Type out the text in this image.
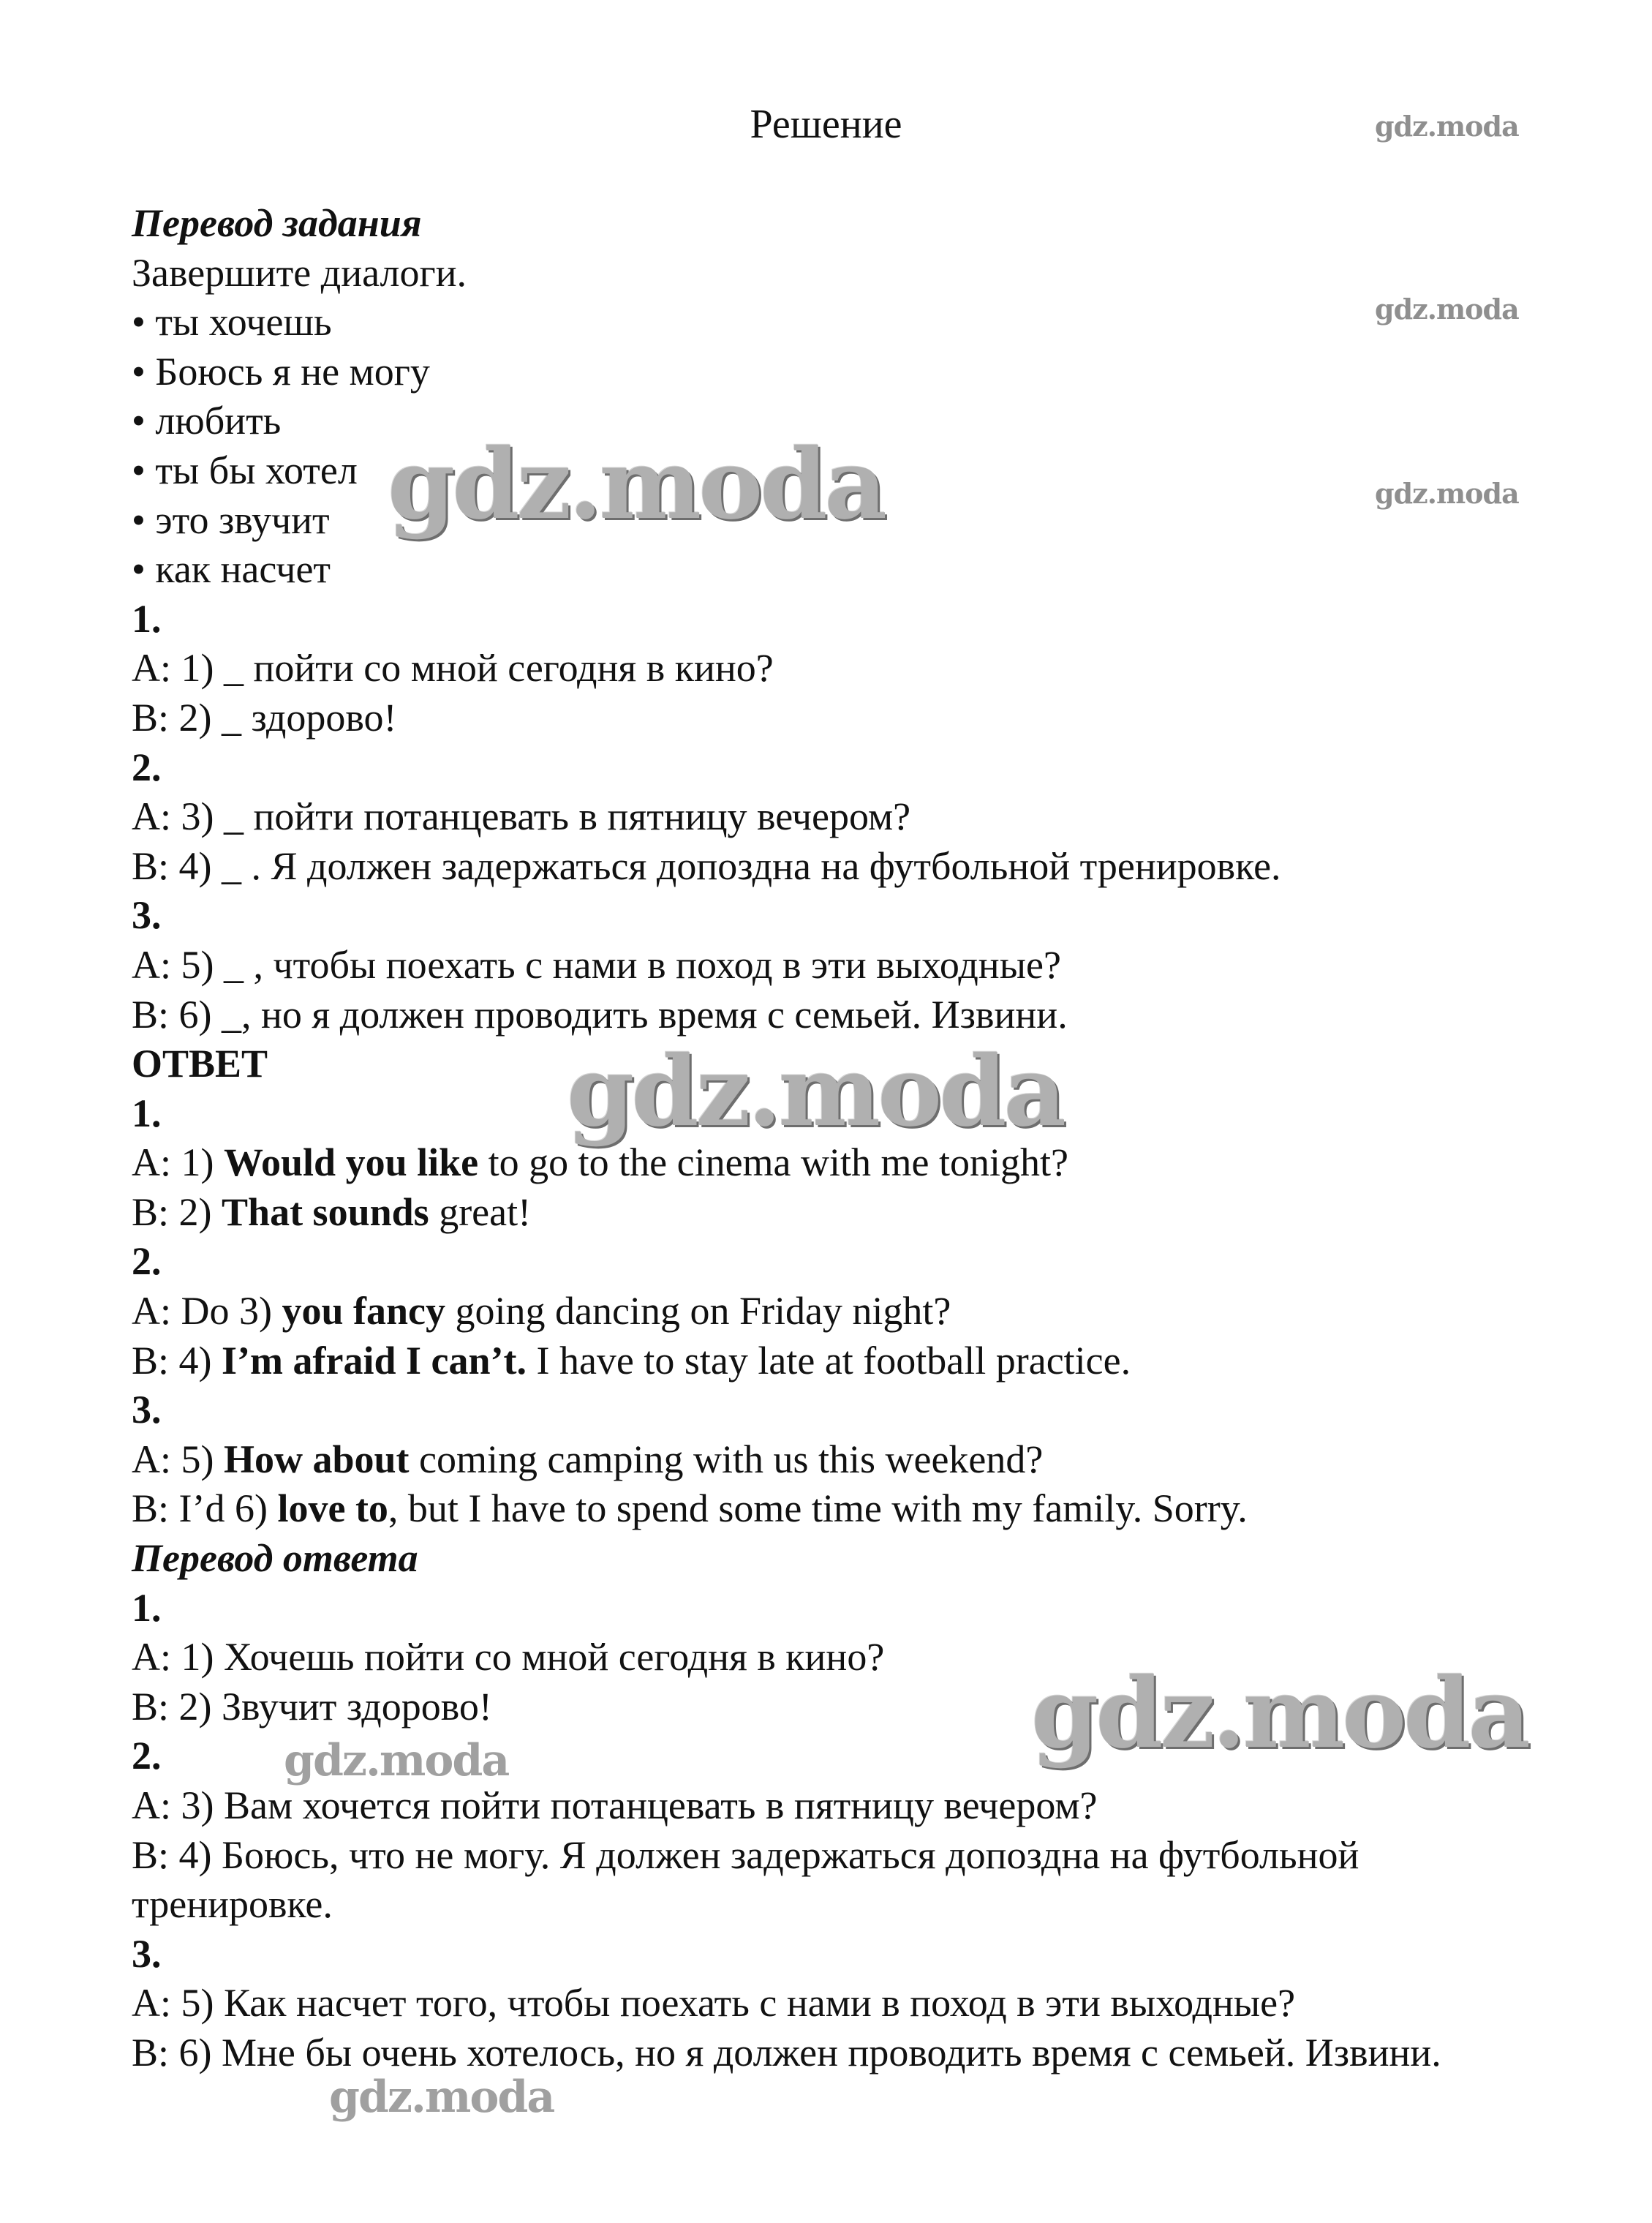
Решение
Перевод задания
Завершите диалоги.
• ты хочешь
• Боюсь я не могу
• любить
• ты бы хотел
• это звучит
• как насчет
1.
A: 1) _ пойти со мной сегодня в кино?
B: 2) _ здорово!
2.
A: 3) _ пойти потанцевать в пятницу вечером?
B: 4) _ . Я должен задержаться допоздна на футбольной тренировке.
3.
A: 5) _ , чтобы поехать с нами в поход в эти выходные?
B: 6) _, но я должен проводить время с семьей. Извини.
ОТВЕТ
1.
A: 1) Would you like to go to the cinema with me tonight?
B: 2) That sounds great!
2.
A: Do 3) you fancy going dancing on Friday night?
B: 4) I’m afraid I can’t. I have to stay late at football practice.
3.
A: 5) How about coming camping with us this weekend?
B: I’d 6) love to, but I have to spend some time with my family. Sorry.
Перевод ответа
1.
A: 1) Хочешь пойти со мной сегодня в кино?
B: 2) Звучит здорово!
2.
A: 3) Вам хочется пойти потанцевать в пятницу вечером?
B: 4) Боюсь, что не могу. Я должен задержаться допоздна на футбольной тренировке.
3.
A: 5) Как насчет того, чтобы поехать с нами в поход в эти выходные?
B: 6) Мне бы очень хотелось, но я должен проводить время с семьей. Извини.
gdz.moda
gdz.moda
gdz.moda
gdz.moda
gdz.moda
gdz.moda
gdz.moda
gdz.moda
